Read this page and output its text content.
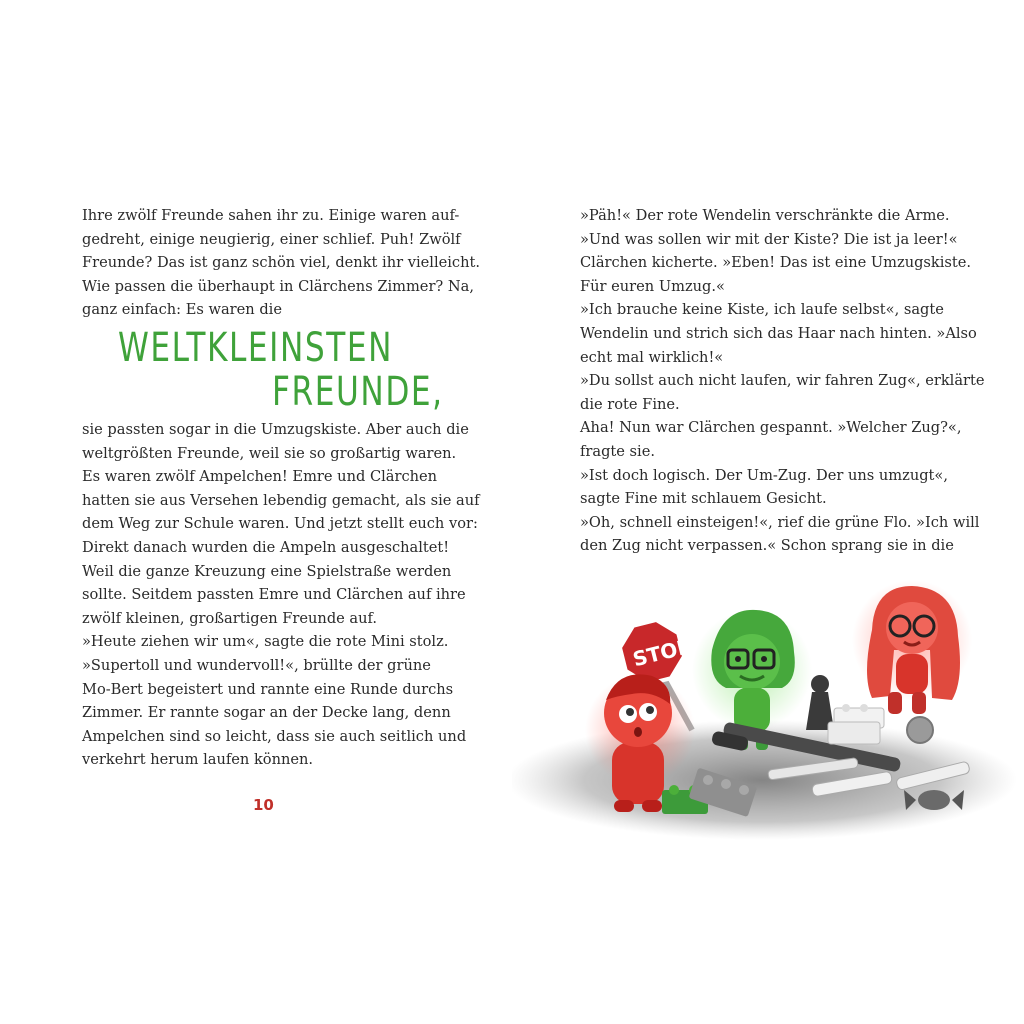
Ihre zwölf Freunde sahen ihr zu. Einige waren auf-
gedreht, einige neugierig, einer schlief. Puh! Zwölf
Freunde? Das ist ganz schön viel, denkt ihr vielleicht.
Wie passen die überhaupt in Clärchens Zimmer? Na,
ganz einfach: Es waren die
WELTKLEINSTEN
FREUNDE,
sie passten sogar in die Umzugskiste. Aber auch die
weltgrößten Freunde, weil sie so großartig waren.
Es waren zwölf Ampelchen! Emre und Clärchen
hatten sie aus Versehen lebendig gemacht, als sie auf
dem Weg zur Schule waren. Und jetzt stellt euch vor:
Direkt danach wurden die Ampeln ausgeschaltet!
Weil die ganze Kreuzung eine Spielstraße werden
sollte. Seitdem passten Emre und Clärchen auf ihre
zwölf kleinen, großartigen Freunde auf.
»Heute ziehen wir um«, sagte die rote Mini stolz.
»Supertoll und wundervoll!«, brüllte der grüne
Mo-Bert begeistert und rannte eine Runde durchs
Zimmer. Er rannte sogar an der Decke lang, denn
Ampelchen sind so leicht, dass sie auch seitlich und
verkehrt herum laufen können.
10
»Päh!« Der rote Wendelin verschränkte die Arme.
»Und was sollen wir mit der Kiste? Die ist ja leer!«
Clärchen kicherte. »Eben! Das ist eine Umzugskiste.
Für euren Umzug.«
»Ich brauche keine Kiste, ich laufe selbst«, sagte
Wendelin und strich sich das Haar nach hinten. »Also
echt mal wirklich!«
»Du sollst auch nicht laufen, wir fahren Zug«, erklärte
die rote Fine.
Aha! Nun war Clärchen gespannt. »Welcher Zug?«,
fragte sie.
»Ist doch logisch. Der Um-Zug. Der uns umzugt«,
sagte Fine mit schlauem Gesicht.
»Oh, schnell einsteigen!«, rief die grüne Flo. »Ich will
den Zug nicht verpassen.« Schon sprang sie in die
STOP
